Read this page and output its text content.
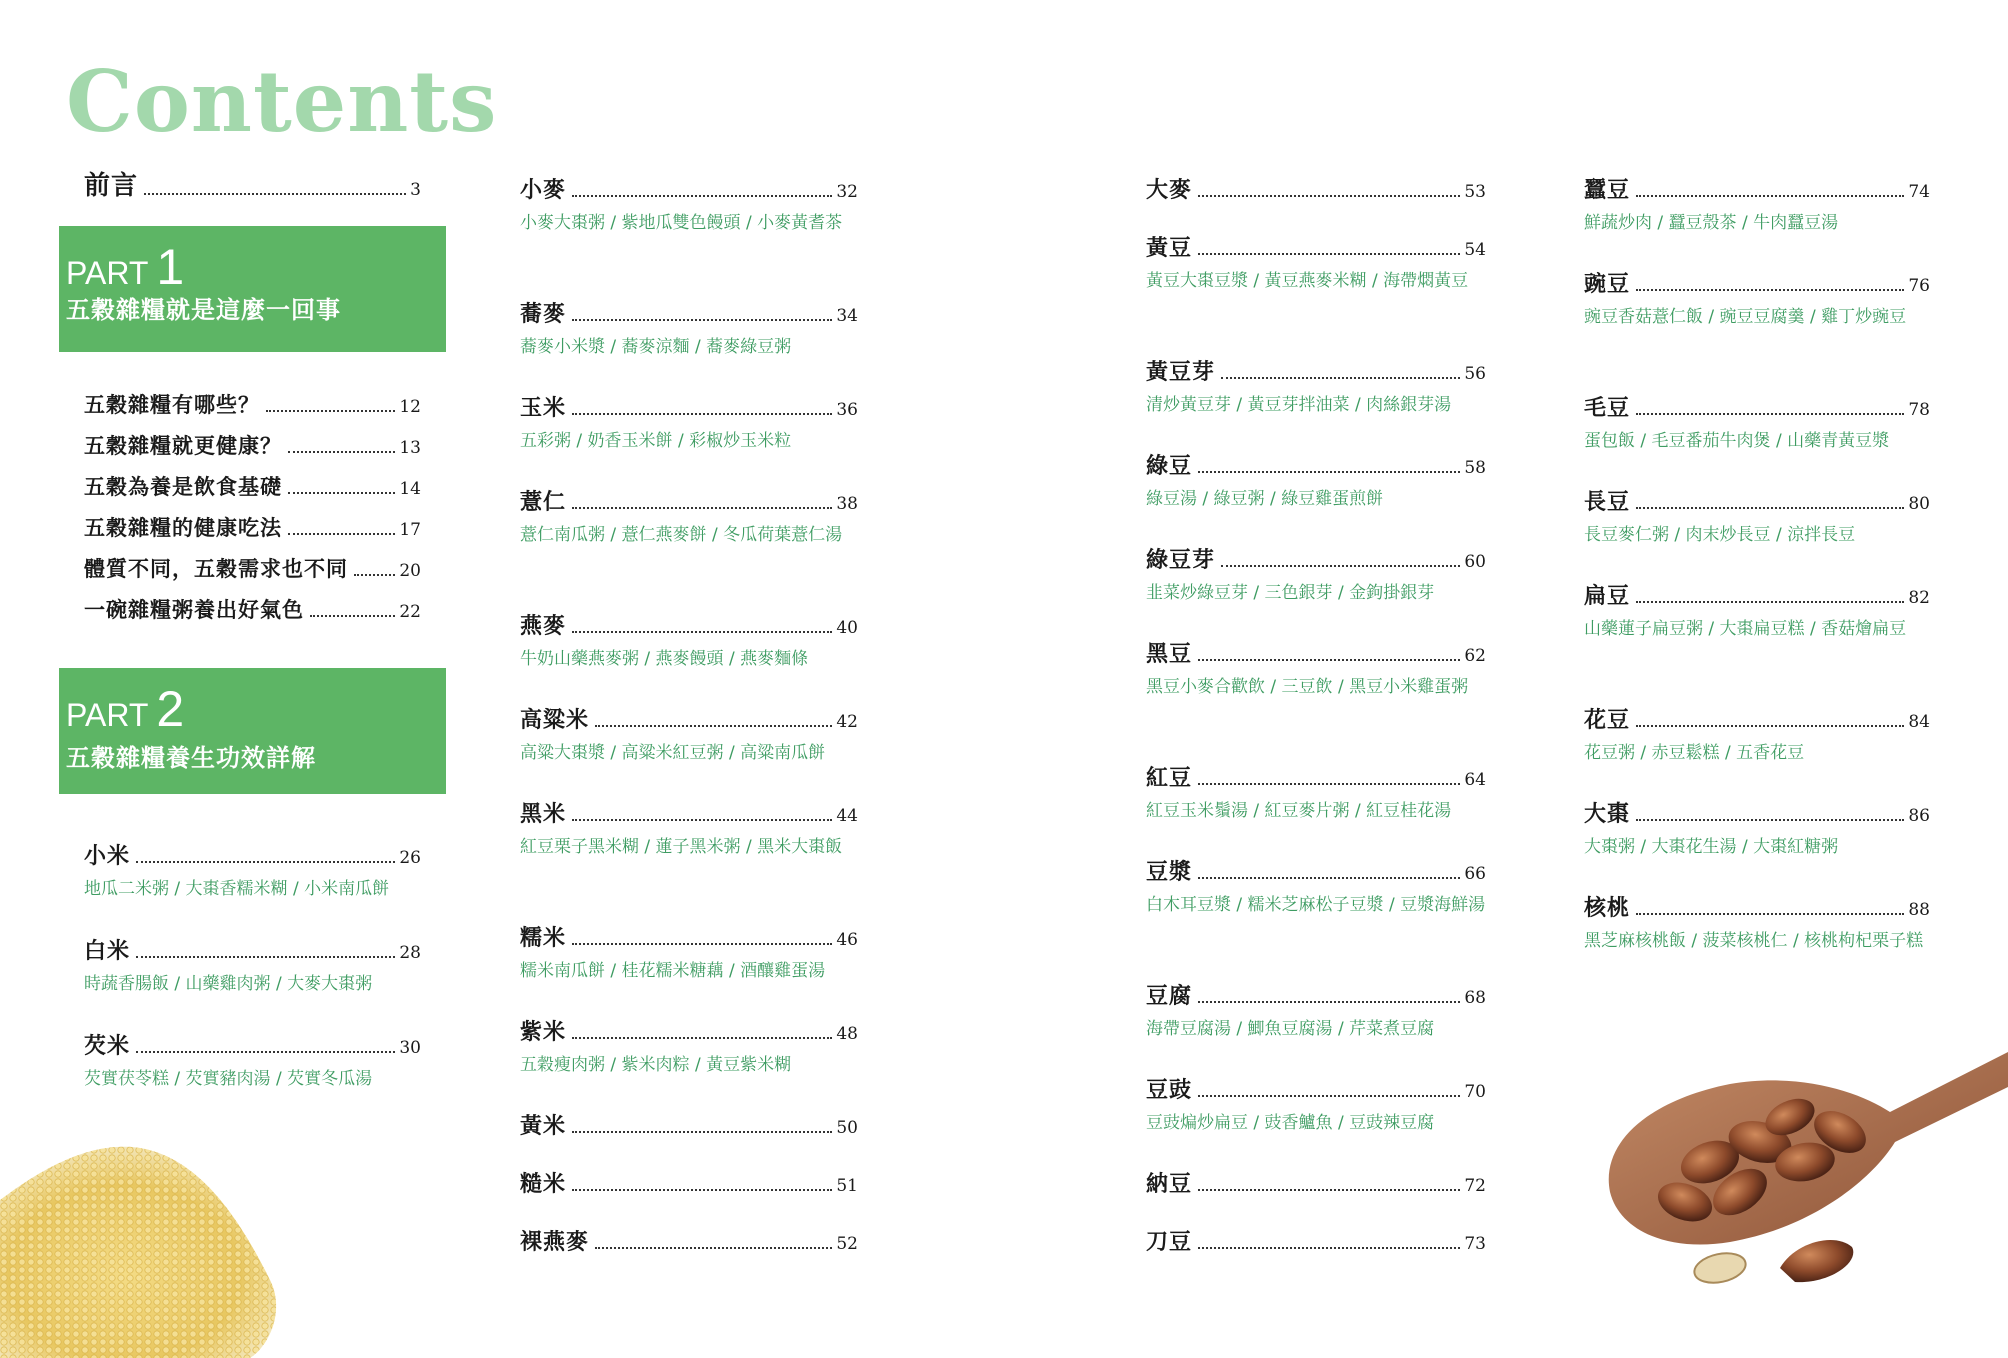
Contents
前言	3
PART 1
五穀雜糧就是這麼一回事
五穀雜糧有哪些？	12
五穀雜糧就更健康？	13
五穀為養是飲食基礎	14
五穀雜糧的健康吃法	17
體質不同，五穀需求也不同	20
一碗雜糧粥養出好氣色	22
PART 2
五穀雜糧養生功效詳解
小米	26
地瓜二米粥 / 大棗香糯米糊 / 小米南瓜餅
白米	28
時蔬香腸飯 / 山藥雞肉粥 / 大麥大棗粥
芡米	30
芡實茯苓糕 / 芡實豬肉湯 / 芡實冬瓜湯
小麥	32
小麥大棗粥 / 紫地瓜雙色饅頭 / 小麥黃耆茶
蕎麥	34
蕎麥小米漿 / 蕎麥涼麵 / 蕎麥綠豆粥
玉米	36
五彩粥 / 奶香玉米餅 / 彩椒炒玉米粒
薏仁	38
薏仁南瓜粥 / 薏仁燕麥餅 / 冬瓜荷葉薏仁湯
燕麥	40
牛奶山藥燕麥粥 / 燕麥饅頭 / 燕麥麵條
高粱米	42
高粱大棗漿 / 高粱米紅豆粥 / 高粱南瓜餅
黑米	44
紅豆栗子黑米糊 / 蓮子黑米粥 / 黑米大棗飯
糯米	46
糯米南瓜餅 / 桂花糯米糖藕 / 酒釀雞蛋湯
紫米	48
五穀瘦肉粥 / 紫米肉粽 / 黃豆紫米糊
黃米	50
糙米	51
裸燕麥	52
大麥	53
黃豆	54
黃豆大棗豆漿 / 黃豆燕麥米糊 / 海帶燜黃豆
黃豆芽	56
清炒黃豆芽 / 黃豆芽拌油菜 / 肉絲銀芽湯
綠豆	58
綠豆湯 / 綠豆粥 / 綠豆雞蛋煎餅
綠豆芽	60
韭菜炒綠豆芽 / 三色銀芽 / 金鉤掛銀芽
黑豆	62
黑豆小麥合歡飲 / 三豆飲 / 黑豆小米雞蛋粥
紅豆	64
紅豆玉米鬚湯 / 紅豆麥片粥 / 紅豆桂花湯
豆漿	66
白木耳豆漿 / 糯米芝麻松子豆漿 / 豆漿海鮮湯
豆腐	68
海帶豆腐湯 / 鯽魚豆腐湯 / 芹菜煮豆腐
豆豉	70
豆豉煸炒扁豆 / 豉香鱸魚 / 豆豉辣豆腐
納豆	72
刀豆	73
蠶豆	74
鮮蔬炒肉 / 蠶豆殼茶 / 牛肉蠶豆湯
豌豆	76
豌豆香菇薏仁飯 / 豌豆豆腐羹 / 雞丁炒豌豆
毛豆	78
蛋包飯 / 毛豆番茄牛肉煲 / 山藥青黃豆漿
長豆	80
長豆麥仁粥 / 肉末炒長豆 / 涼拌長豆
扁豆	82
山藥蓮子扁豆粥 / 大棗扁豆糕 / 香菇燴扁豆
花豆	84
花豆粥 / 赤豆鬆糕 / 五香花豆
大棗	86
大棗粥 / 大棗花生湯 / 大棗紅糖粥
核桃	88
黑芝麻核桃飯 / 菠菜核桃仁 / 核桃枸杞栗子糕
